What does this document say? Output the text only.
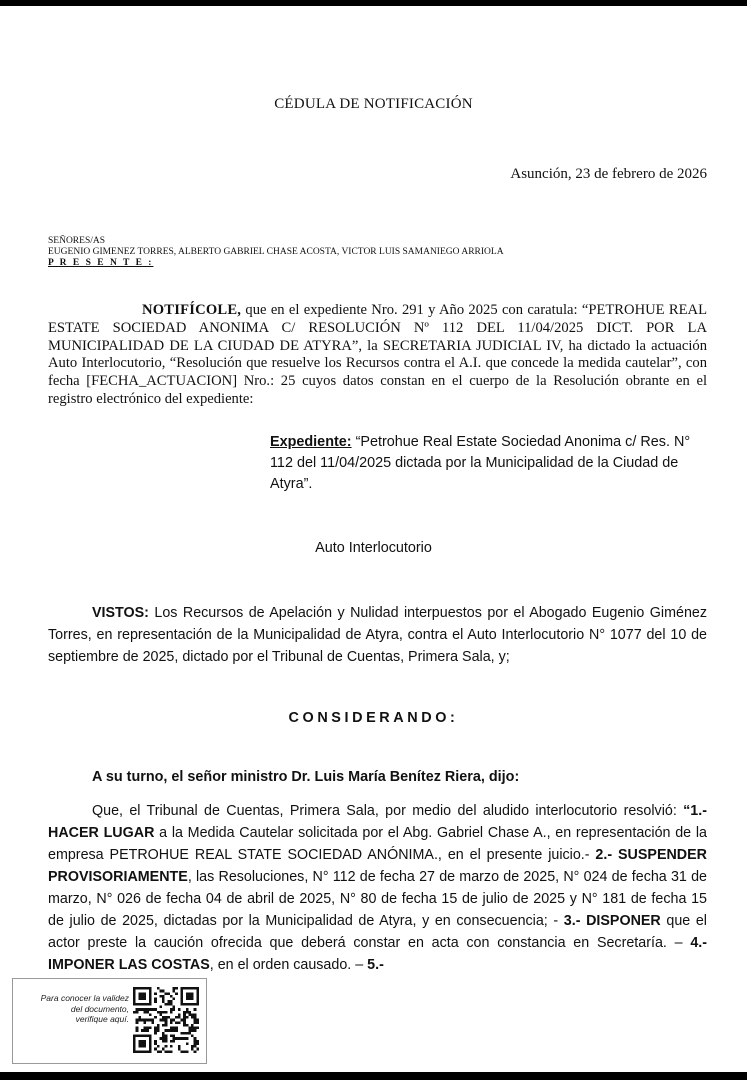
CÉDULA DE NOTIFICACIÓN
Asunción, 23 de febrero de 2026
SEÑORES/AS
EUGENIO GIMENEZ TORRES, ALBERTO GABRIEL CHASE ACOSTA, VICTOR LUIS SAMANIEGO ARRIOLA
P R E S E N T E :
NOTIFÍCOLE, que en el expediente Nro. 291 y Año 2025 con caratula: “PETROHUE REAL ESTATE SOCIEDAD ANONIMA C/ RESOLUCIÓN Nº 112 DEL 11/04/2025 DICT. POR LA MUNICIPALIDAD DE LA CIUDAD DE ATYRA”, la SECRETARIA JUDICIAL IV, ha dictado la actuación Auto Interlocutorio, “Resolución que resuelve los Recursos contra el A.I. que concede la medida cautelar”, con fecha [FECHA_ACTUACION] Nro.: 25 cuyos datos constan en el cuerpo de la Resolución obrante en el registro electrónico del expediente:
Expediente: “Petrohue Real Estate Sociedad Anonima c/ Res. N° 112 del 11/04/2025 dictada por la Municipalidad de la Ciudad de Atyra”.
Auto Interlocutorio
VISTOS: Los Recursos de Apelación y Nulidad interpuestos por el Abogado Eugenio Giménez Torres, en representación de la Municipalidad de Atyra, contra el Auto Interlocutorio N° 1077 del 10 de septiembre de 2025, dictado por el Tribunal de Cuentas, Primera Sala, y;
CONSIDERANDO:
A su turno, el señor ministro Dr. Luis María Benítez Riera, dijo:
Que, el Tribunal de Cuentas, Primera Sala, por medio del aludido interlocutorio resolvió: “1.- HACER LUGAR a la Medida Cautelar solicitada por el Abg. Gabriel Chase A., en representación de la empresa PETROHUE REAL STATE SOCIEDAD ANÓNIMA., en el presente juicio.- 2.- SUSPENDER PROVISORIAMENTE, las Resoluciones, N° 112 de fecha 27 de marzo de 2025, N° 024 de fecha 31 de marzo, N° 026 de fecha 04 de abril de 2025, N° 80 de fecha 15 de julio de 2025 y N° 181 de fecha 15 de julio de 2025, dictadas por la Municipalidad de Atyra, y en consecuencia; - 3.- DISPONER que el actor preste la caución ofrecida que deberá constar en acta con constancia en Secretaría. – 4.- IMPONER LAS COSTAS, en el orden causado. – 5.-
Para conocer la validez
del documento,
verifique aquí.
